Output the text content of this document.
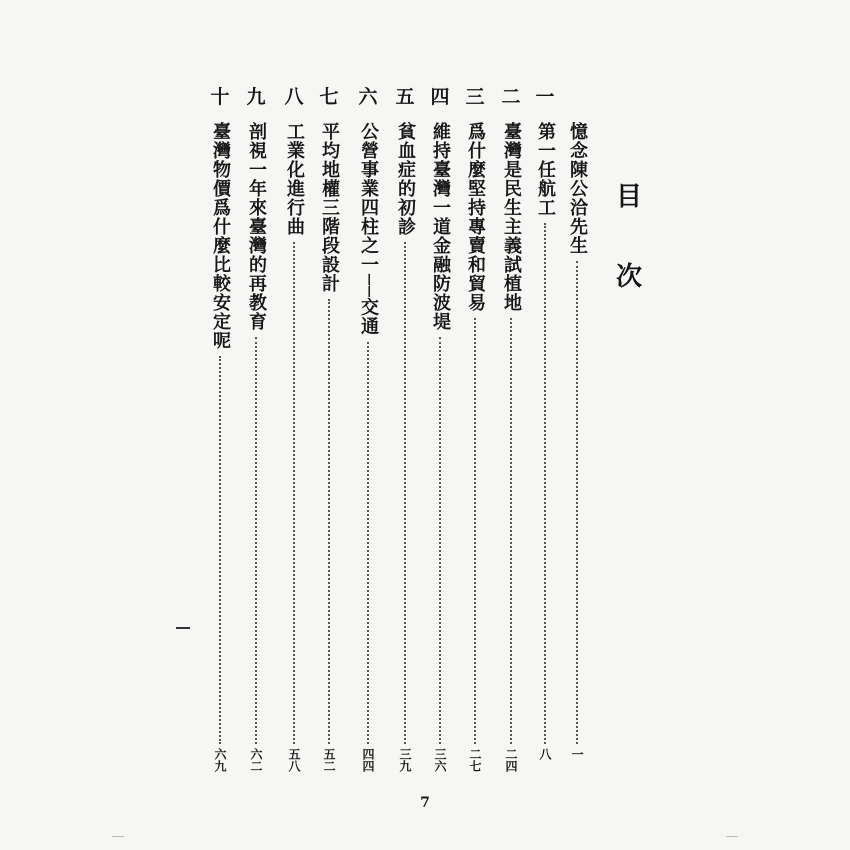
目
次
憶念陳公洽先生
一
一
第一任航工
八
二
臺灣是民生主義試植地
二四
三
爲什麼堅持專賣和貿易
二七
四
維持臺灣一道金融防波堤
三六
五
貧血症的初診
三九
六
公營事業四柱之一──交通
四四
七
平均地權三階段設計
五二
八
工業化進行曲
五八
九
剖視一年來臺灣的再教育
六二
十
臺灣物價爲什麼比較安定呢
六九
7
